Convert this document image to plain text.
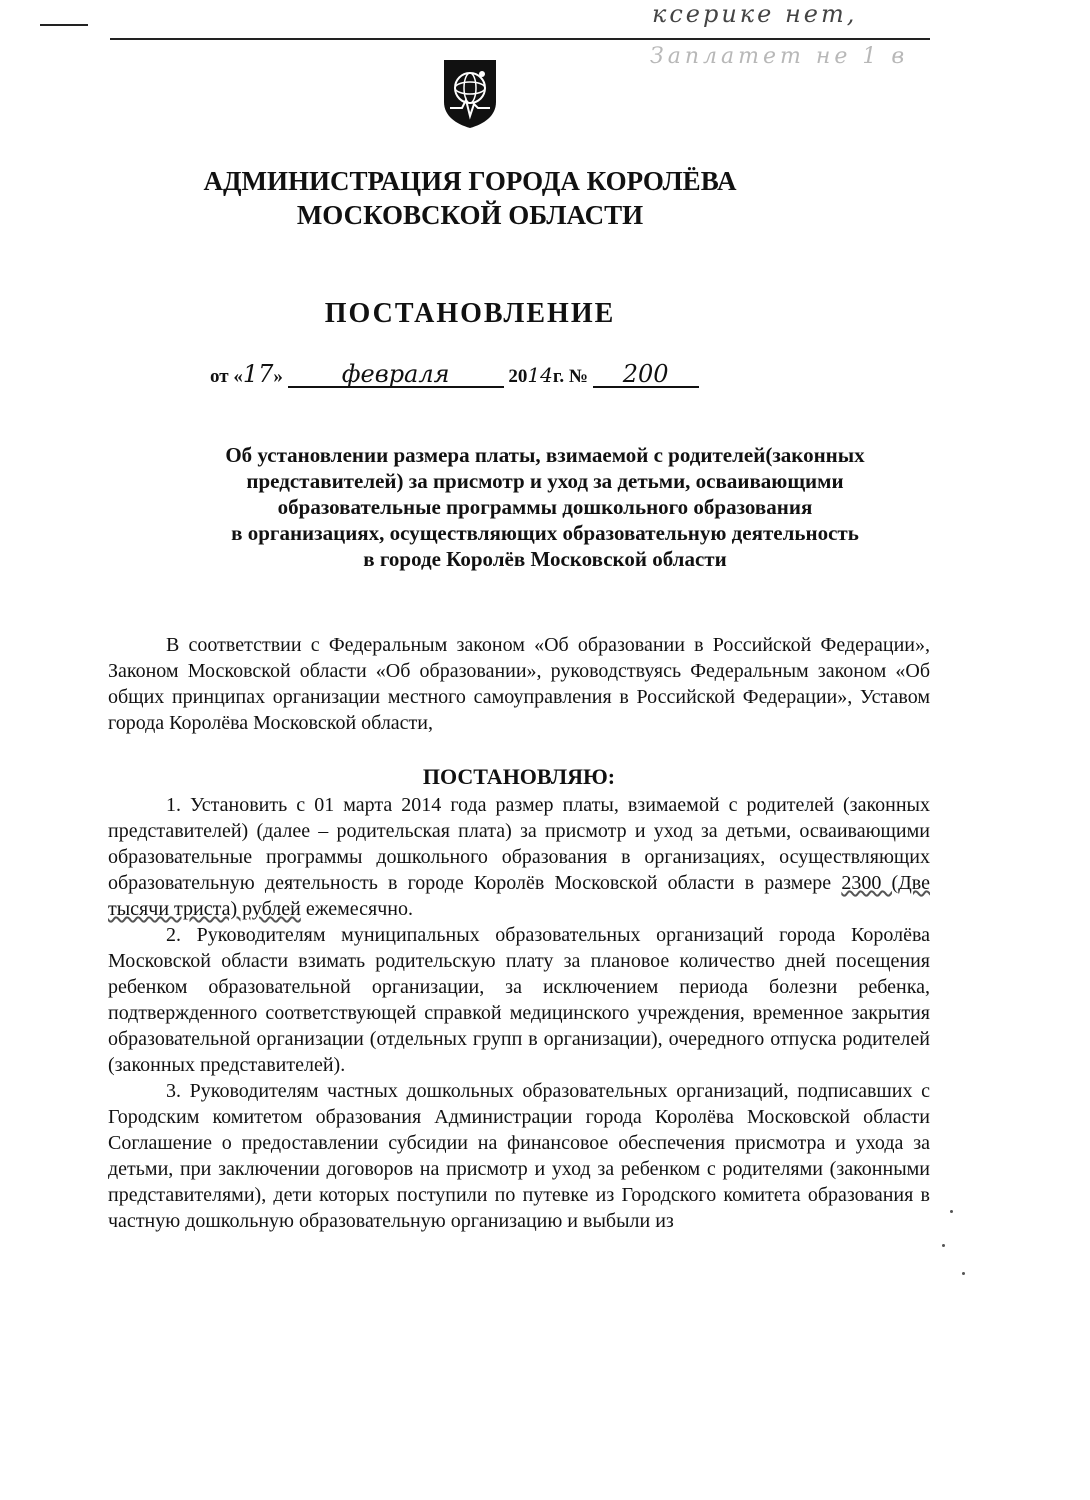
ксерике нет,
Заплатет не 1 в
АДМИНИСТРАЦИЯ ГОРОДА КОРОЛЁВА
МОСКОВСКОЙ ОБЛАСТИ
ПОСТАНОВЛЕНИЕ
от «17» февраля	2014г. № 200
Об установлении размера платы, взимаемой с родителей(законных
представителей) за присмотр и уход за детьми, осваивающими
образовательные программы дошкольного образования
в организациях, осуществляющих образовательную деятельность
в городе Королёв Московской области

В соответствии с Федеральным законом «Об образовании в Российской Федерации», Законом Московской области «Об образовании», руководствуясь Федеральным законом «Об общих принципах организации местного самоуправления в Российской Федерации», Уставом города Королёва Московской области,

ПОСТАНОВЛЯЮ:

1. Установить с 01 марта 2014 года размер платы, взимаемой с родителей (законных представителей) (далее – родительская плата) за присмотр и уход за детьми, осваивающими образовательные программы дошкольного образования в организациях, осуществляющих образовательную деятельность в городе Королёв Московской области в размере 2300 (Две тысячи триста) рублей ежемесячно.

2. Руководителям муниципальных образовательных организаций города Королёва Московской области взимать родительскую плату за плановое количество дней посещения ребенком образовательной организации, за исключением периода болезни ребенка, подтвержденного соответствующей справкой медицинского учреждения, временное закрытия образовательной организации (отдельных групп в организации), очередного отпуска родителей (законных представителей).

3. Руководителям частных дошкольных образовательных организаций, подписавших с Городским комитетом образования Администрации города Королёва Московской области Соглашение о предоставлении субсидии на финансовое обеспечения присмотра и ухода за детьми, при заключении договоров на присмотр и уход за ребенком с родителями (законными представителями), дети которых поступили по путевке из Городского комитета образования в частную дошкольную образовательную организацию и выбыли из
